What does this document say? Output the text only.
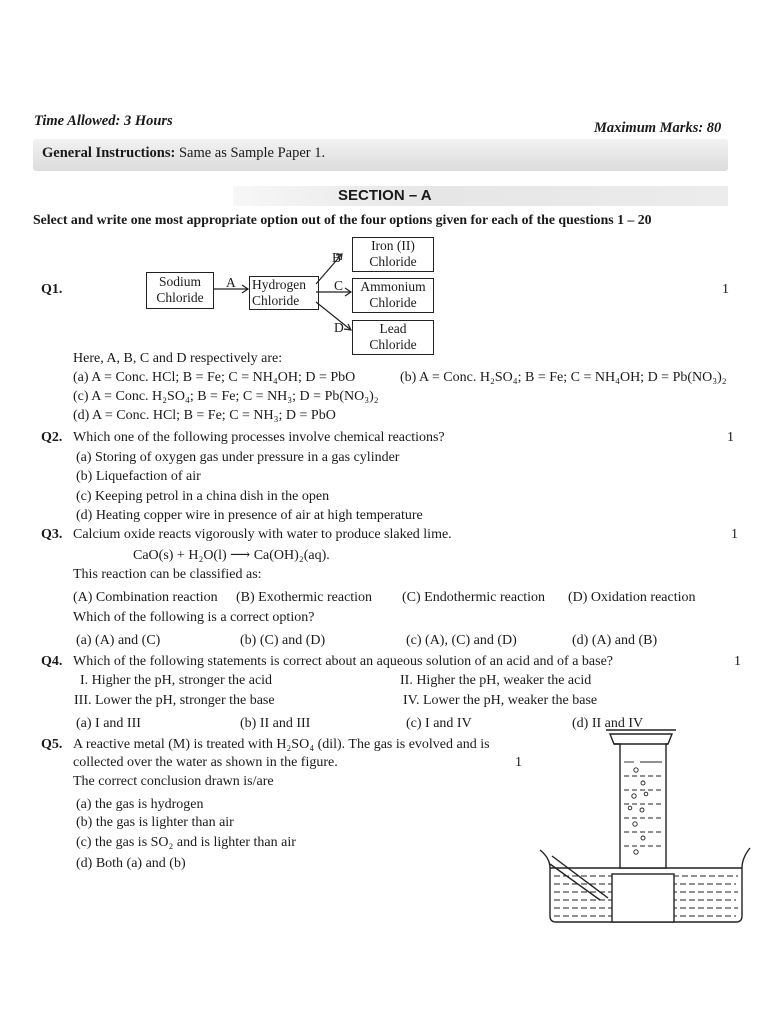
Time Allowed: 3 Hours	Maximum Marks: 80
General Instructions: Same as Sample Paper 1.
SECTION – A
Select and write one most appropriate option out of the four options given for each of the questions 1 – 20
Q1.	1
Sodium
Chloride
Hydrogen
Chloride
Iron (II)
Chloride
Ammonium
Chloride
Lead
Chloride
A
B
C
D
Here, A, B, C and D respectively are:
(a) A = Conc. HCl; B = Fe; C = NH₄OH; D = PbO	(b) A = Conc. H₂SO₄; B = Fe; C = NH₄OH; D = Pb(NO₃)₂
(c) A = Conc. H₂SO₄; B = Fe; C = NH₃; D = Pb(NO₃)₂
(d) A = Conc. HCl; B = Fe; C = NH₃; D = PbO
Q2. Which one of the following processes involve chemical reactions?	1
(a) Storing of oxygen gas under pressure in a gas cylinder
(b) Liquefaction of air
(c) Keeping petrol in a china dish in the open
(d) Heating copper wire in presence of air at high temperature
Q3. Calcium oxide reacts vigorously with water to produce slaked lime.	1
CaO(s) + H₂O(l) ⟶ Ca(OH)₂(aq).
This reaction can be classified as:
(A) Combination reaction (B) Exothermic reaction (C) Endothermic reaction (D) Oxidation reaction
Which of the following is a correct option?
(a) (A) and (C)	(b) (C) and (D)	(c) (A), (C) and (D)	(d) (A) and (B)
Q4. Which of the following statements is correct about an aqueous solution of an acid and of a base?	1
I. Higher the pH, stronger the acid	II. Higher the pH, weaker the acid
III. Lower the pH, stronger the base	IV. Lower the pH, weaker the base
(a) I and III	(b) II and III	(c) I and IV	(d) II and IV
Q5. A reactive metal (M) is treated with H₂SO₄ (dil). The gas is evolved and is
collected over the water as shown in the figure.	1
The correct conclusion drawn is/are
(a) the gas is hydrogen
(b) the gas is lighter than air
(c) the gas is SO₂ and is lighter than air
(d) Both (a) and (b)
